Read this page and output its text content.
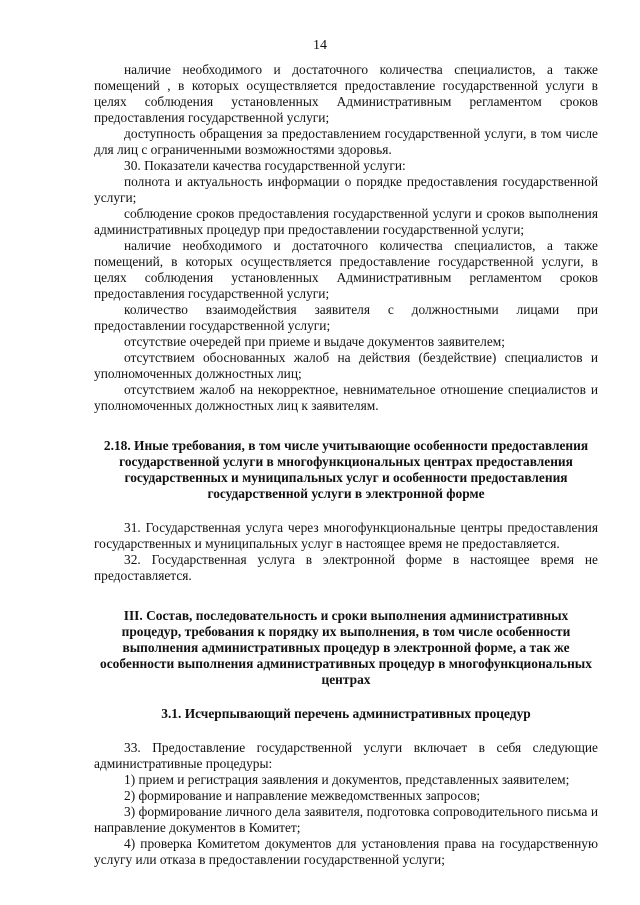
14

наличие необходимого и достаточного количества специалистов, а также помещений , в которых осуществляется предоставление государственной услуги в целях соблюдения установленных Административным регламентом сроков предоставления государственной услуги;

доступность обращения за предоставлением государственной услуги, в том числе для лиц с ограниченными возможностями здоровья.

30. Показатели качества государственной услуги:

полнота и актуальность информации о порядке предоставления государственной услуги;

соблюдение сроков предоставления государственной услуги и сроков выполнения административных процедур при предоставлении государственной услуги;

наличие необходимого и достаточного количества специалистов, а также помещений, в которых осуществляется предоставление государственной услуги, в целях соблюдения установленных Административным регламентом сроков предоставления государственной услуги;

количество взаимодействия заявителя с должностными лицами при предоставлении государственной услуги;

отсутствие очередей при приеме и выдаче документов заявителем;

отсутствием обоснованных жалоб на действия (бездействие) специалистов и уполномоченных должностных лиц;

отсутствием жалоб на некорректное, невнимательное отношение специалистов и уполномоченных должностных лиц к заявителям.

2.18. Иные требования, в том числе учитывающие особенности предоставления государственной услуги в многофункциональных центрах предоставления государственных и муниципальных услуг и особенности предоставления государственной услуги в электронной форме

31. Государственная услуга через многофункциональные центры предоставления государственных и муниципальных услуг в настоящее время не предоставляется.

32. Государственная услуга в электронной форме в настоящее время не предоставляется.

III. Состав, последовательность и сроки выполнения административных процедур, требования к порядку их выполнения, в том числе особенности выполнения административных процедур в электронной форме, а так же особенности выполнения административных процедур в многофункциональных центрах

3.1. Исчерпывающий перечень административных процедур

33. Предоставление государственной услуги включает в себя следующие административные процедуры:

1) прием и регистрация заявления и документов, представленных заявителем;

2) формирование и направление межведомственных запросов;

3) формирование личного дела заявителя, подготовка сопроводительного письма и направление документов в Комитет;

4) проверка Комитетом документов для установления права на государственную услугу или отказа в предоставлении государственной услуги;
